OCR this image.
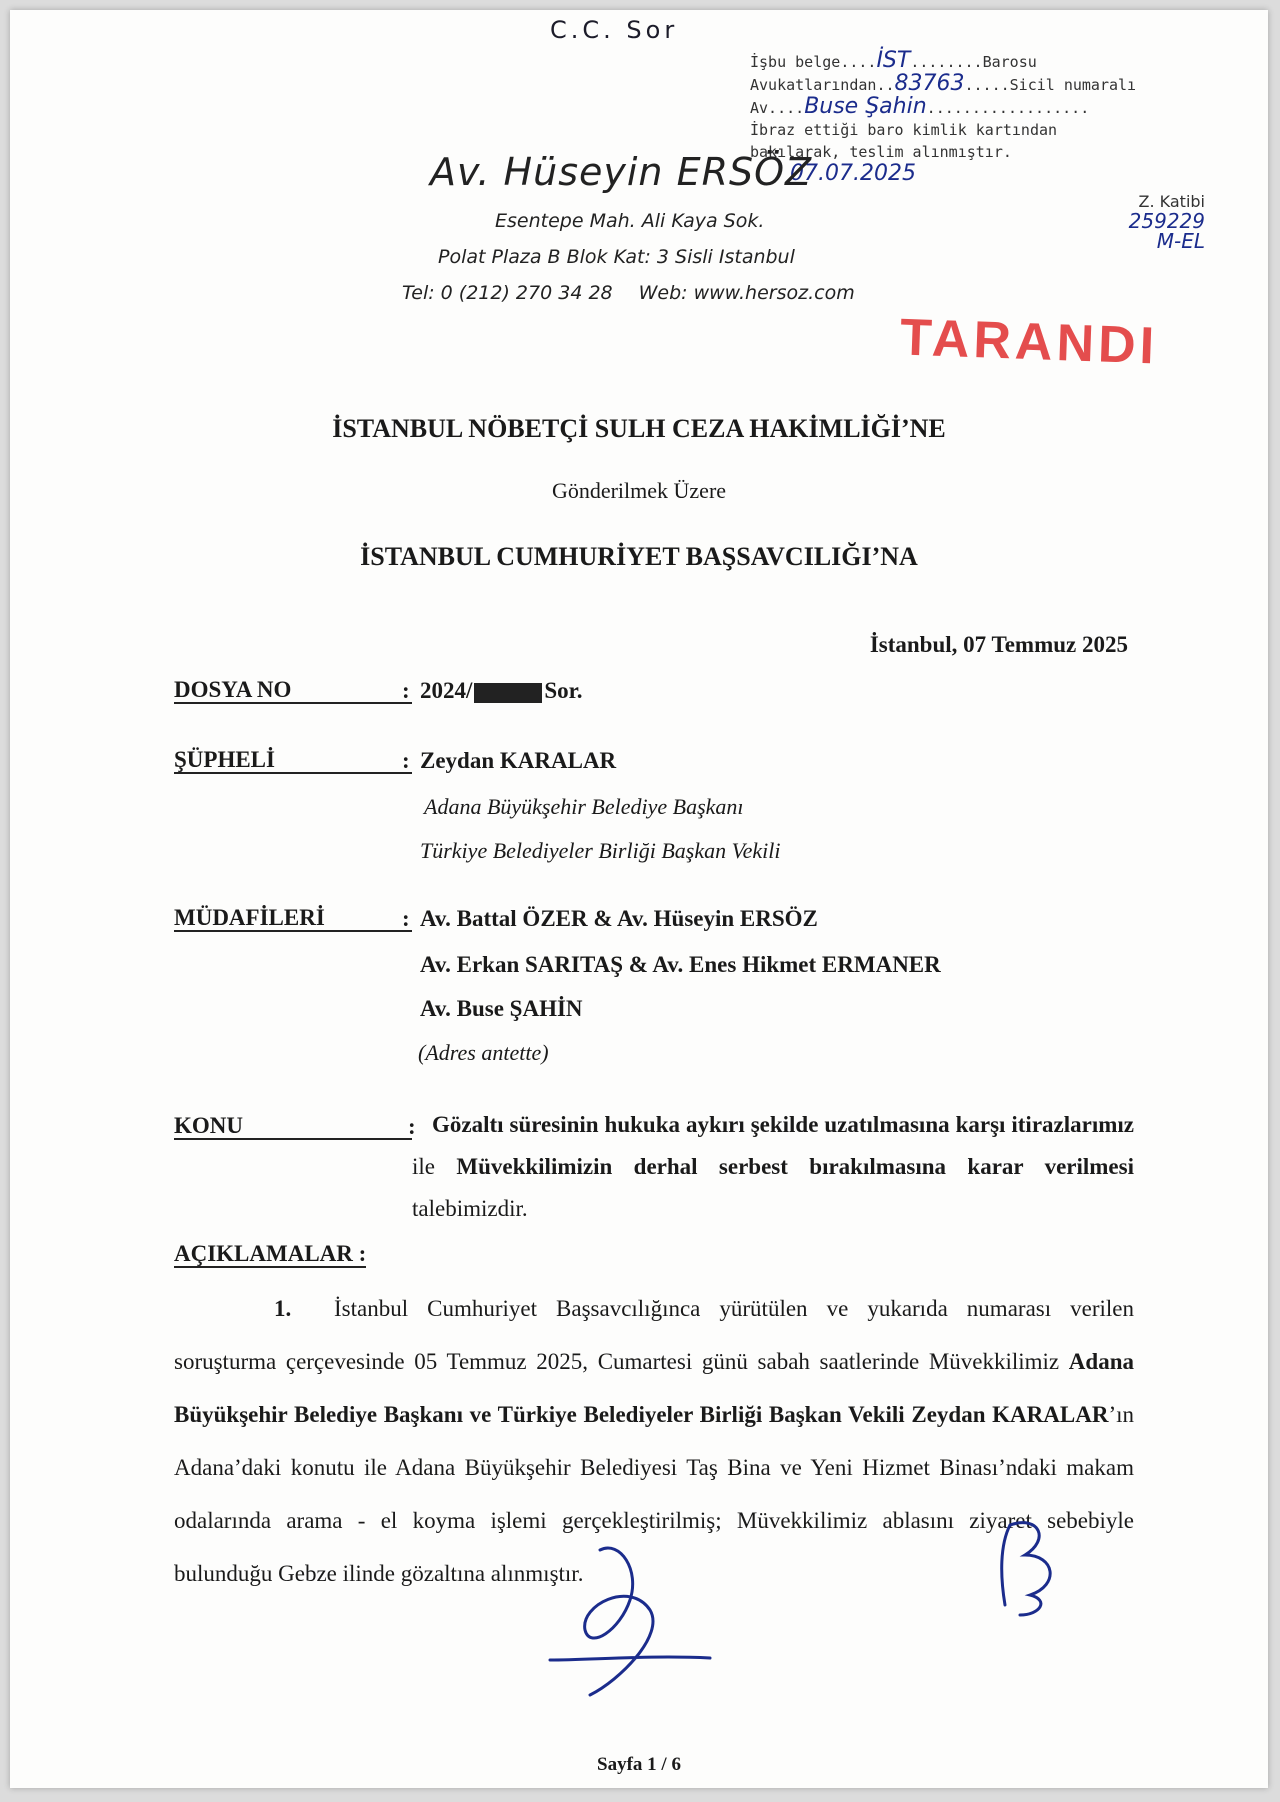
C.C. Sor
İşbu belge....İST........Barosu
Avukatlarından..83763.....Sicil numaralı
Av....Buse Şahin..................
İbraz ettiği baro kimlik kartından
bakılarak, teslim alınmıştır.
07.07.2025
Z. Katibi
259229
M-EL
Av. Hüseyin ERSÖZ
Esentepe Mah. Ali Kaya Sok.
Polat Plaza B Blok Kat: 3 Sisli Istanbul
Tel: 0 (212) 270 34 28 Web: www.hersoz.com
TARANDI
İSTANBUL NÖBETÇİ SULH CEZA HAKİMLİĞİ’NE
Gönderilmek Üzere
İSTANBUL CUMHURİYET BAŞSAVCILIĞI’NA
İstanbul, 07 Temmuz 2025
DOSYA NO	: 2024/	Sor.
ŞÜPHELİ	: Zeydan KARALAR
Adana Büyükşehir Belediye Başkanı
Türkiye Belediyeler Birliği Başkan Vekili
MÜDAFİLERİ	: Av. Battal ÖZER & Av. Hüseyin ERSÖZ
Av. Erkan SARITAŞ & Av. Enes Hikmet ERMANER
Av. Buse ŞAHİN
(Adres antette)
KONU	: Gözaltı süresinin hukuka aykırı şekilde uzatılmasına karşı itirazlarımız ile Müvekkilimizin derhal serbest bırakılmasına karar verilmesi talebimizdir.
AÇIKLAMALAR :
1. İstanbul Cumhuriyet Başsavcılığınca yürütülen ve yukarıda numarası verilen soruşturma çerçevesinde 05 Temmuz 2025, Cumartesi günü sabah saatlerinde Müvekkilimiz Adana Büyükşehir Belediye Başkanı ve Türkiye Belediyeler Birliği Başkan Vekili Zeydan KARALAR’ın Adana’daki konutu ile Adana Büyükşehir Belediyesi Taş Bina ve Yeni Hizmet Binası’ndaki makam odalarında arama - el koyma işlemi gerçekleştirilmiş; Müvekkilimiz ablasını ziyaret sebebiyle bulunduğu Gebze ilinde gözaltına alınmıştır.
Sayfa 1 / 6
